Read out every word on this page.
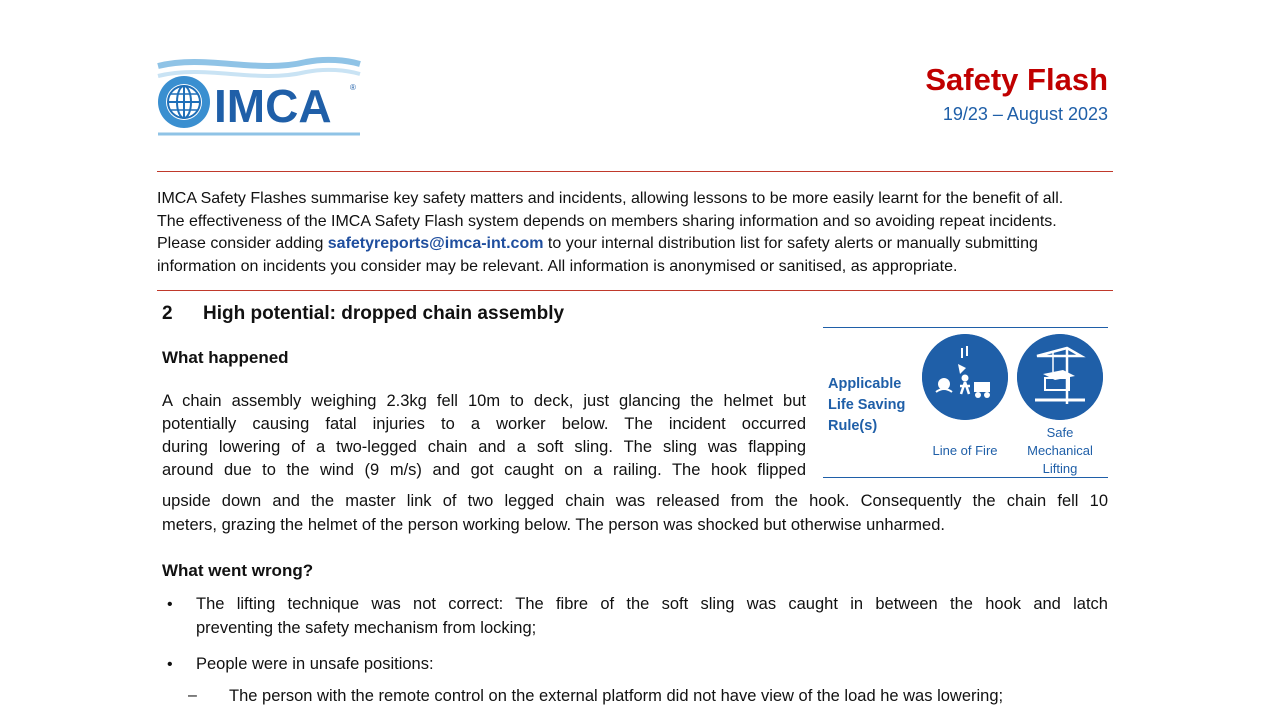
IMCA ®	Safety Flash
19/23 – August 2023
IMCA Safety Flashes summarise key safety matters and incidents, allowing lessons to be more easily learnt for the benefit of all.
The effectiveness of the IMCA Safety Flash system depends on members sharing information and so avoiding repeat incidents.
Please consider adding safetyreports@imca-int.com to your internal distribution list for safety alerts or manually submitting
information on incidents you consider may be relevant. All information is anonymised or sanitised, as appropriate.
2 High potential: dropped chain assembly
Applicable
Life Saving
Rule(s)
Line of Fire
Safe
Mechanical
Lifting
What happened
A chain assembly weighing 2.3kg fell 10m to deck, just glancing the helmet but
potentially causing fatal injuries to a worker below. The incident occurred
during lowering of a two-legged chain and a soft sling. The sling was flapping
around due to the wind (9 m/s) and got caught on a railing. The hook flipped
upside down and the master link of two legged chain was released from the hook. Consequently the chain fell 10
meters, grazing the helmet of the person working below. The person was shocked but otherwise unharmed.
What went wrong?
• The lifting technique was not correct: The fibre of the soft sling was caught in between the hook and latch
preventing the safety mechanism from locking;
• People were in unsafe positions:
– The person with the remote control on the external platform did not have view of the load he was lowering;
